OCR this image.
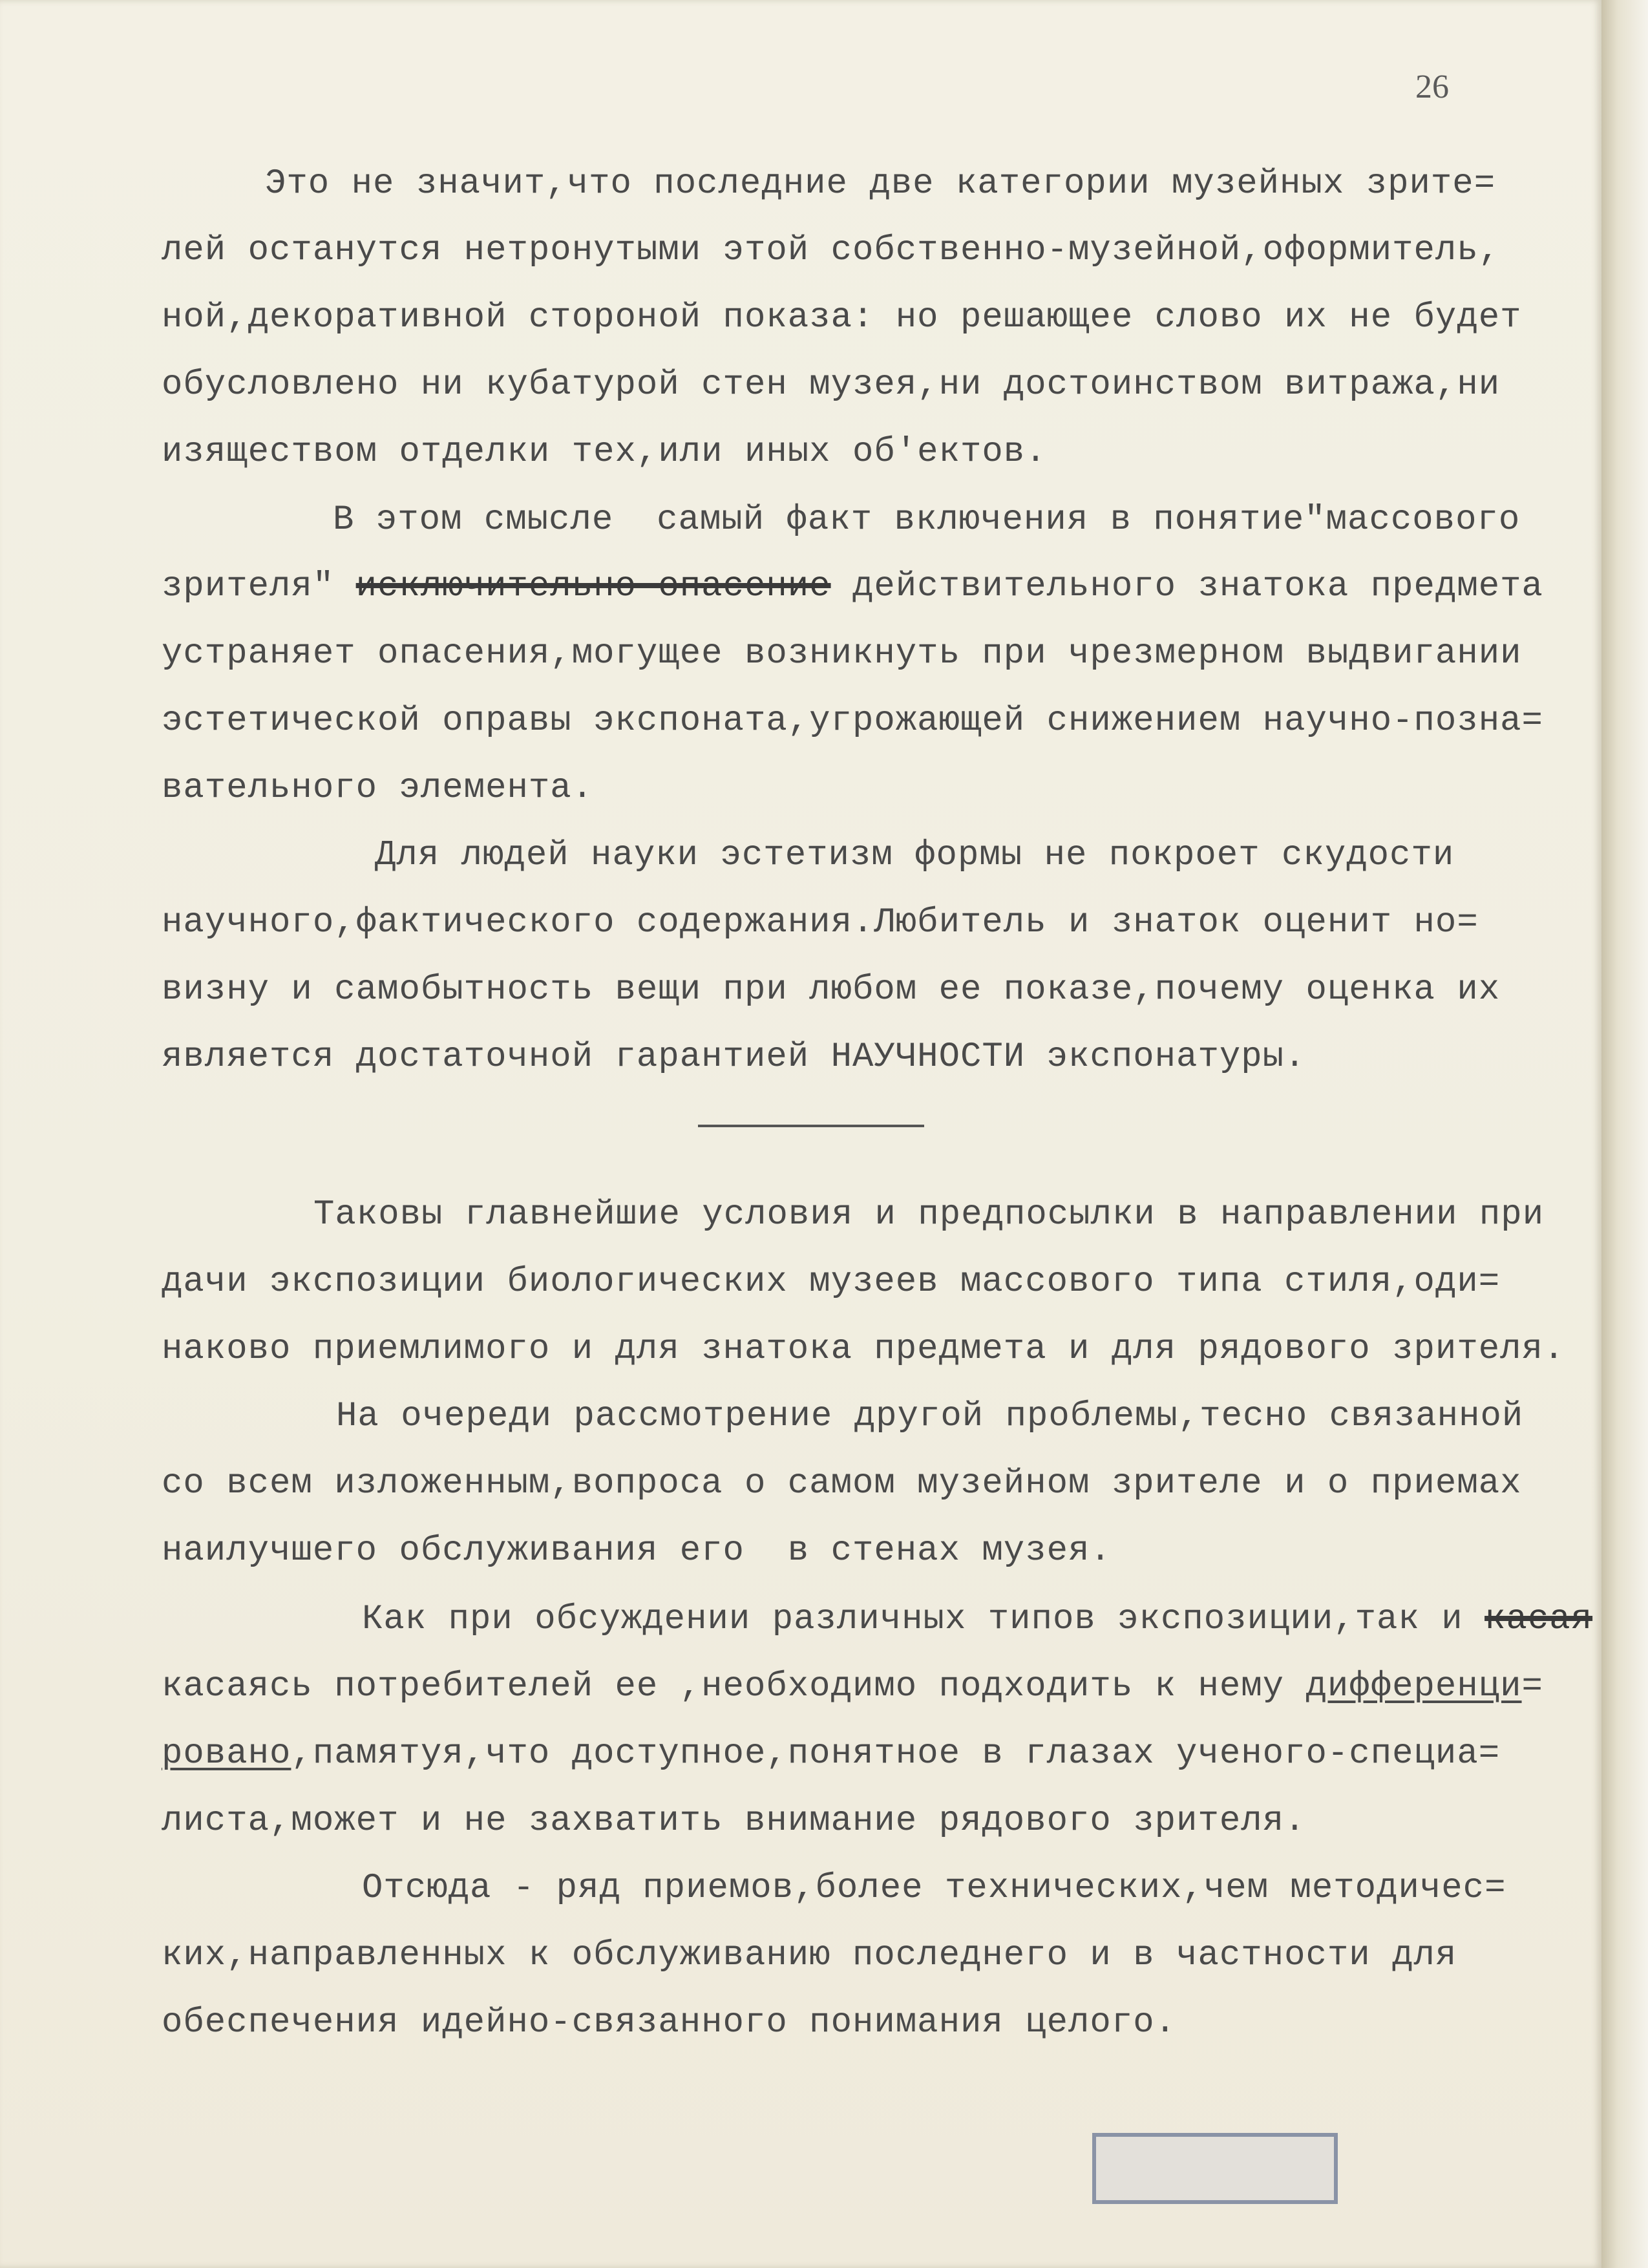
26
Это не значит,что последние две категории музейных зрите=
лей останутся нетронутыми этой собственно-музейной,оформитель,
ной,декоративной стороной показа: но решающее слово их не будет
обусловлено ни кубатурой стен музея,ни достоинством витража,ни
изяществом отделки тех,или иных об'ектов.
В этом смысле  самый факт включения в понятие"массового
зрителя" исключительно опасение действительного знатока предмета
устраняет опасения,могущее возникнуть при чрезмерном выдвигании
эстетической оправы экспоната,угрожающей снижением научно-позна=
вательного элемента.
Для людей науки эстетизм формы не покроет скудости
научного,фактического содержания.Любитель и знаток оценит но=
визну и самобытность вещи при любом ее показе,почему оценка их
является достаточной гарантией НАУЧНОСТИ экспонатуры.
Таковы главнейшие условия и предпосылки в направлении при
дачи экспозиции биологических музеев массового типа стиля,оди=
наково приемлимого и для знатока предмета и для рядового зрителя.
На очереди рассмотрение другой проблемы,тесно связанной
со всем изложенным,вопроса о самом музейном зрителе и о приемах
наилучшего обслуживания его  в стенах музея.
Как при обсуждении различных типов экспозиции,так и касая
касаясь потребителей ее ,необходимо подходить к нему дифференци=
ровано,памятуя,что доступное,понятное в глазах ученого-специа=
листа,может и не захватить внимание рядового зрителя.
Отсюда - ряд приемов,более технических,чем методичес=
ких,направленных к обслуживанию последнего и в частности для
обеспечения идейно-связанного понимания целого.
